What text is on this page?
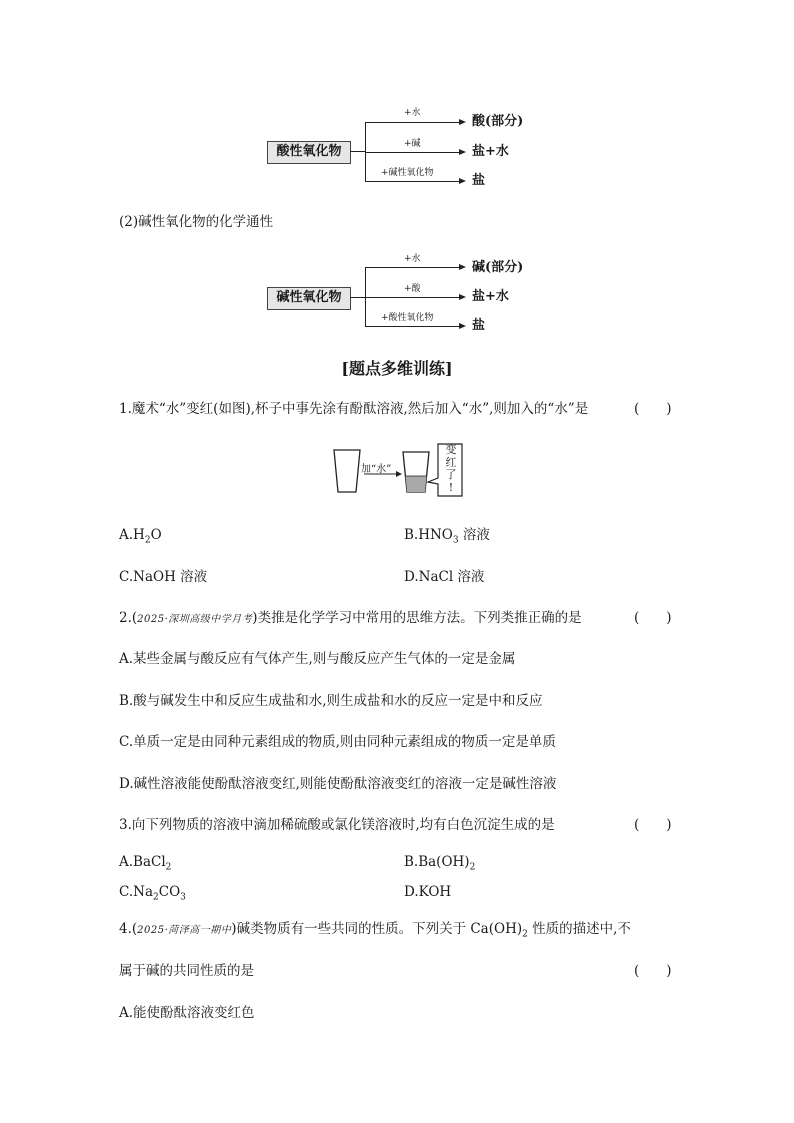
酸性氧化物
+水
+碱
+碱性氧化物
酸(部分)
盐+水
盐
(2)碱性氧化物的化学通性
碱性氧化物
+水
+酸
+酸性氧化物
碱(部分)
盐+水
盐
[题点多维训练]
1.魔术“水”变红(如图),杯子中事先涂有酚酞溶液,然后加入“水”,则加入的“水”是	(　　)
加“水”
变
红
了
!
$A.H_2O$	$B.HNO_3$ 溶液
C.NaOH 溶液	D.NaCl 溶液
2.(2025·深圳高级中学月考)类推是化学学习中常用的思维方法。下列类推正确的是	(　　)
A.某些金属与酸反应有气体产生,则与酸反应产生气体的一定是金属
B.酸与碱发生中和反应生成盐和水,则生成盐和水的反应一定是中和反应
C.单质一定是由同种元素组成的物质,则由同种元素组成的物质一定是单质
D.碱性溶液能使酚酞溶液变红,则能使酚酞溶液变红的溶液一定是碱性溶液
3.向下列物质的溶液中滴加稀硫酸或氯化镁溶液时,均有白色沉淀生成的是	(　　)
A.BaCl$_2$	$B.Ba(OH)_2$
$C.Na_2CO_3$	D.KOH
4.(2025·菏泽高一期中)碱类物质有一些共同的性质。下列关于 $Ca(OH)_2$ 性质的描述中,不
属于碱的共同性质的是	(　　)
A.能使酚酞溶液变红色
